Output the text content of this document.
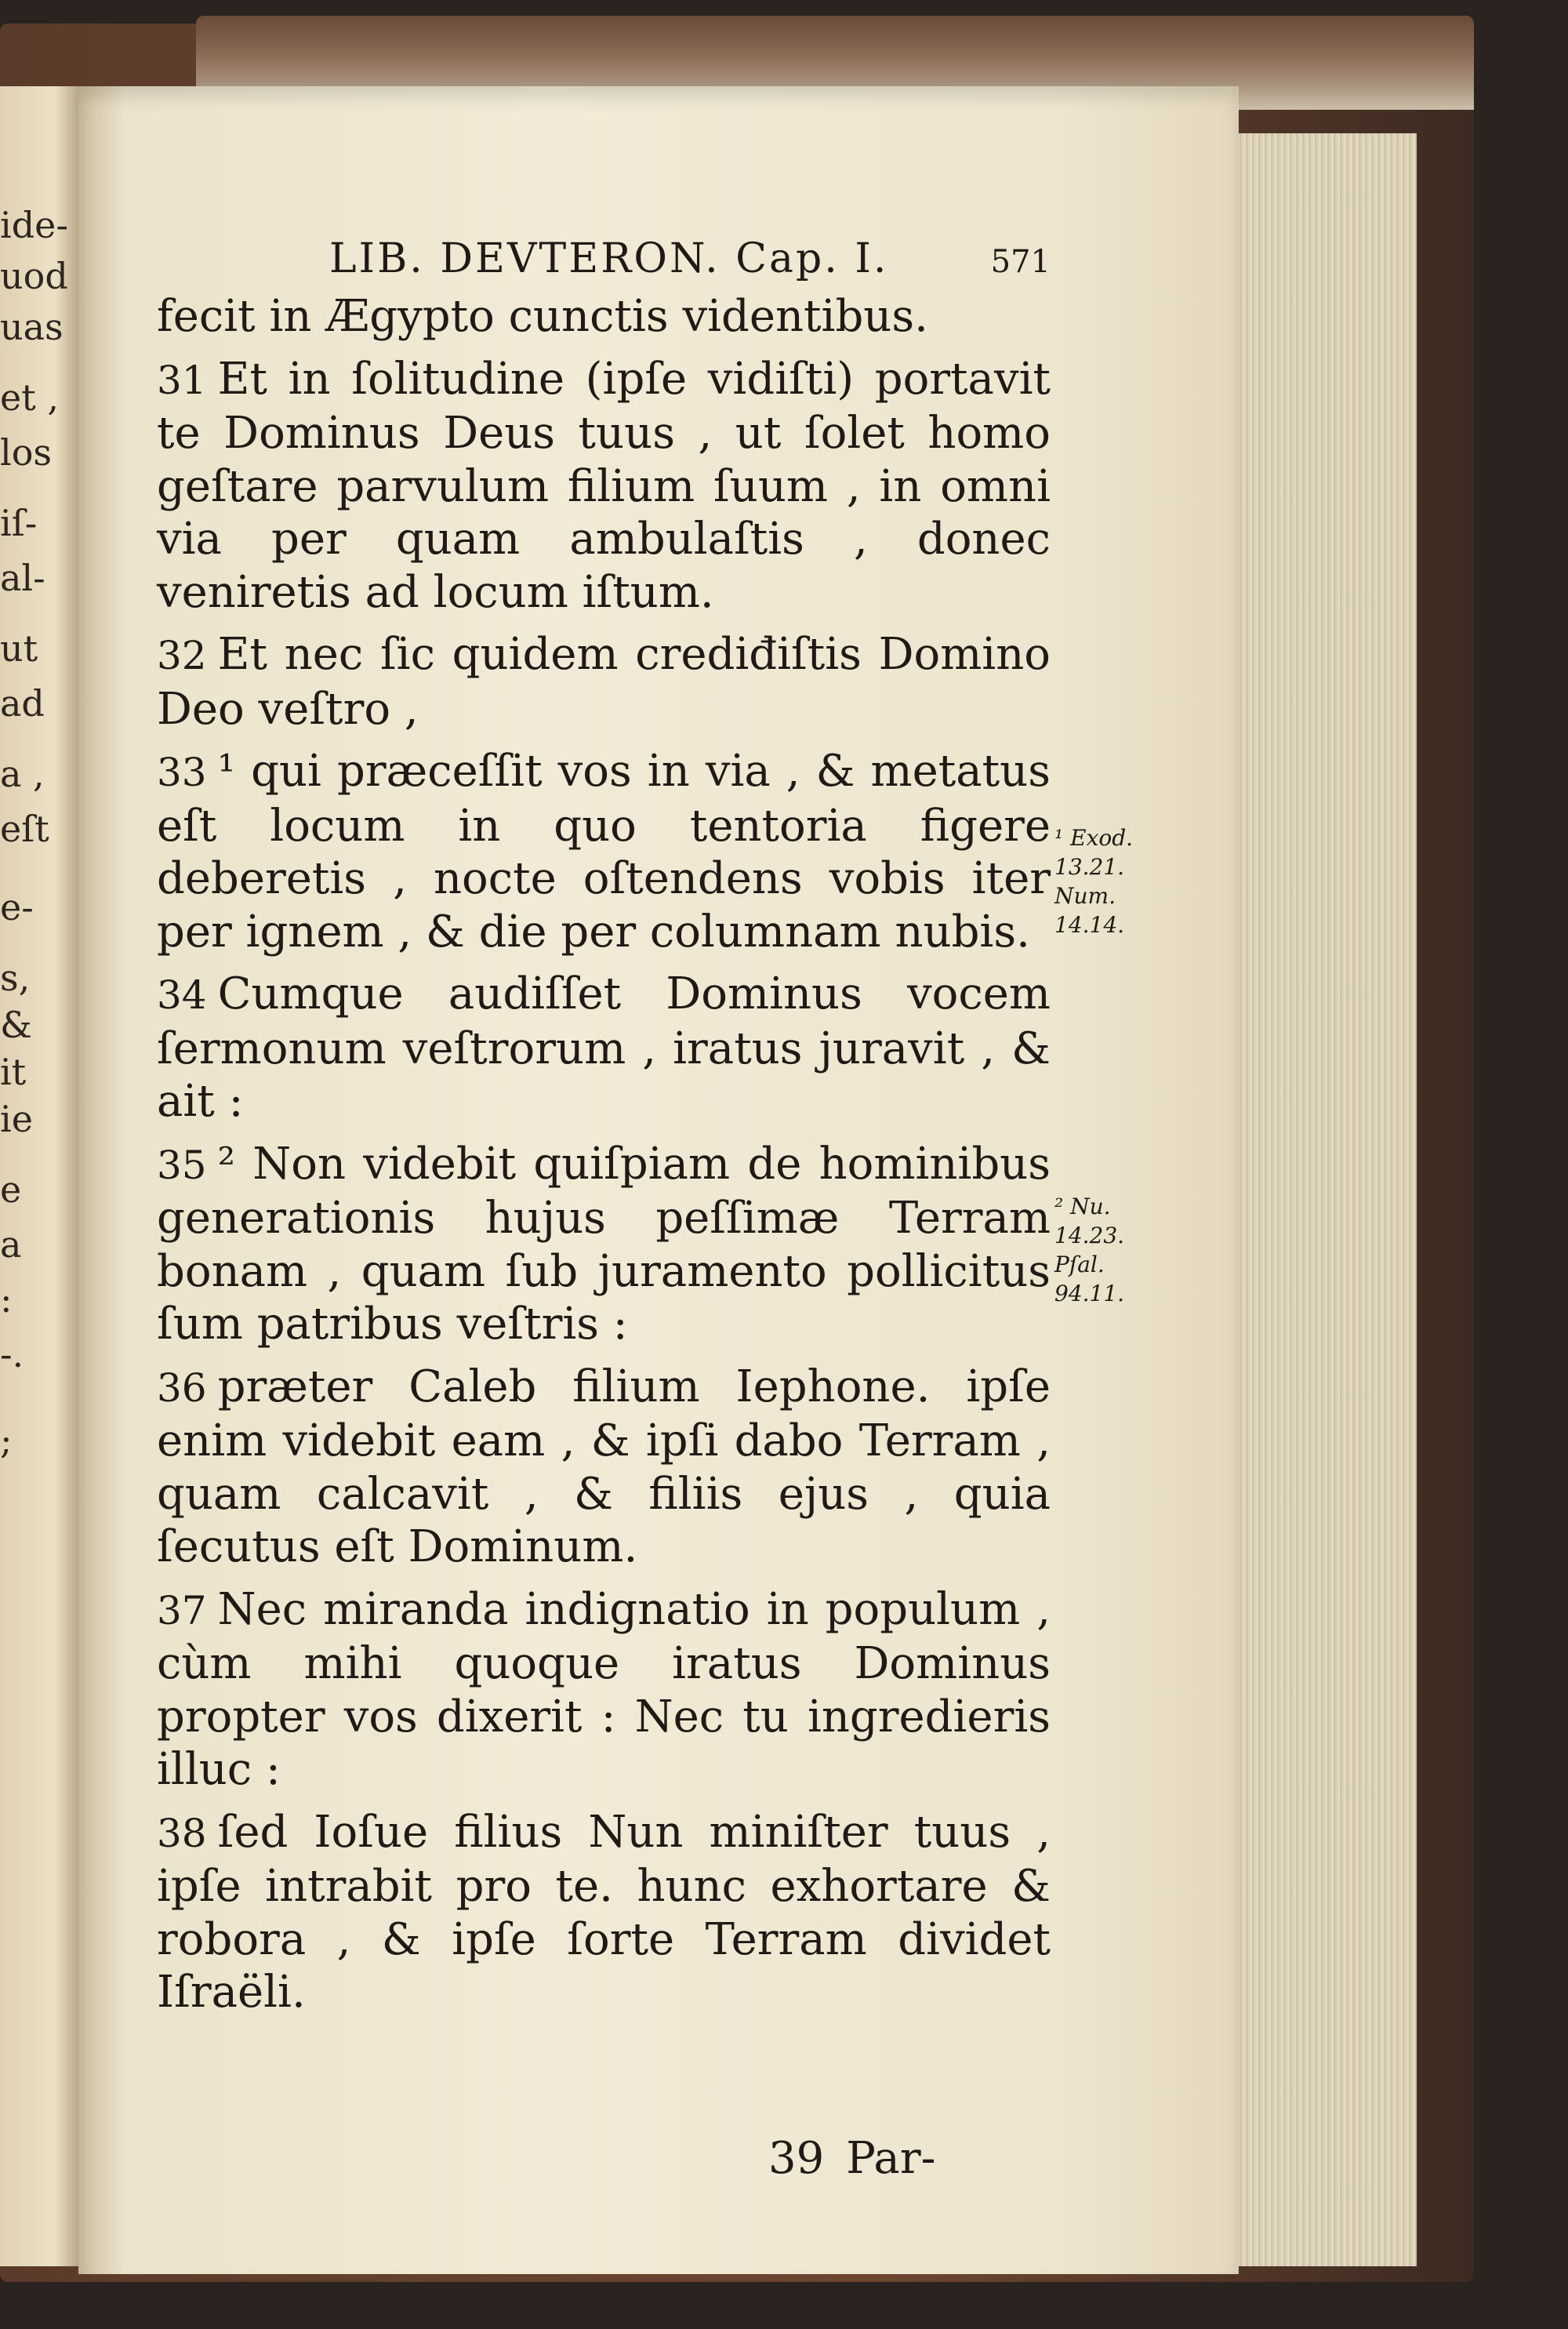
ide-
uod
uas
et ,
los
iſ-
al-
ut
ad
a ,
eſt
e-
s,
&
it
ie
e
a
:
-.
;
LIB. DEVTERON. Cap. I.	571

fecit in Ægypto cunctis videntibus.

31 Et in ſolitudine (ipſe vidiſti) portavit te Dominus Deus tuus , ut ſolet homo geſtare parvulum filium ſuum , in omni via per quam ambulaſtis , donec veniretis ad locum iſtum.

32 Et nec ſic quidem crediđiſtis Domino Deo veſtro ,

33 ¹ qui præceſſit vos in via , & metatus eſt locum in quo tentoria figere deberetis , nocte oſtendens vobis iter per ignem , & die per columnam nubis.

34 Cumque audiſſet Dominus vocem ſermonum veſtrorum , iratus juravit , & ait :

35 ² Non videbit quiſpiam de hominibus generationis hujus peſſimæ Terram bonam , quam ſub juramento pollicitus ſum patribus veſtris :

36 præter Caleb filium Iephone. ipſe enim videbit eam , & ipſi dabo Terram , quam calcavit , & filiis ejus , quia ſecutus eſt Dominum.

37 Nec miranda indignatio in populum , cùm mihi quoque iratus Dominus propter vos dixerit : Nec tu ingredieris illuc :

38 ſed Ioſue filius Nun miniſter tuus , ipſe intrabit pro te. hunc exhortare & robora , & ipſe ſorte Terram dividet Iſraëli.

¹ Exod.
13.21.
Num.
14.14.
² Nu.
14.23.
Pſal.
94.11.
39 Par-
